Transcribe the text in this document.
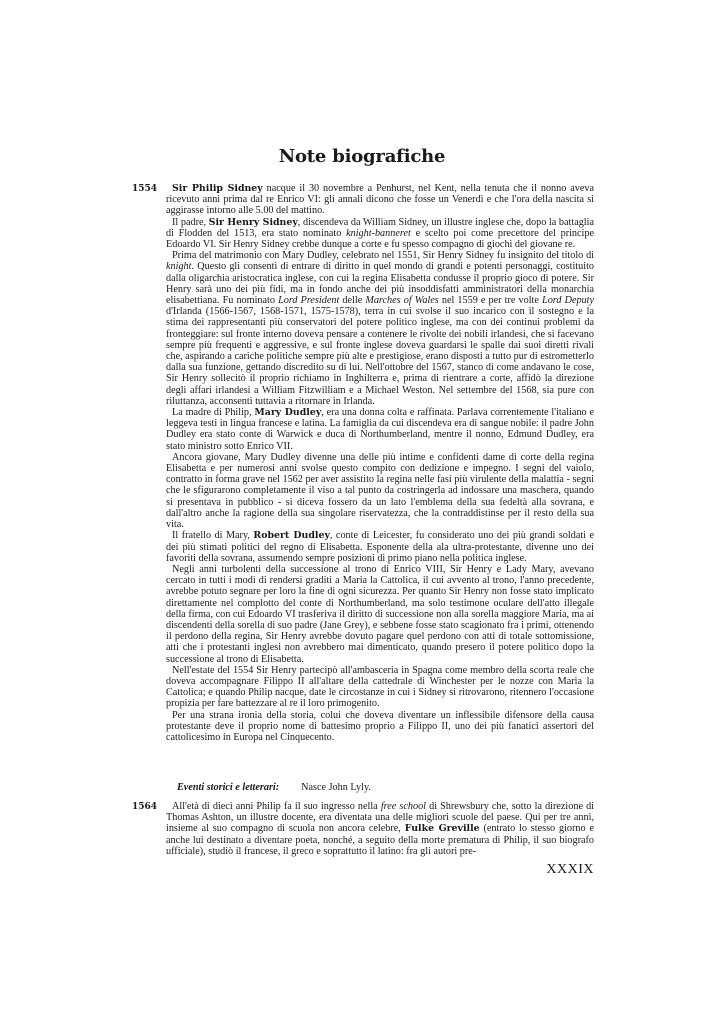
Note biografiche
1554	Sir Philip Sidney nacque il 30 novembre a Penhurst, nel Kent, nella tenuta che il nonno aveva ricevuto anni prima dal re Enrico VI: gli annali dicono che fosse un Venerdì e che l'ora della nascita si aggirasse intorno alle 5.00 del mattino.

Il padre, Sir Henry Sidney, discendeva da William Sidney, un illustre inglese che, dopo la battaglia di Flodden del 1513, era stato nominato knight-banneret e scelto poi come precettore del principe Edoardo VI. Sir Henry Sidney crebbe dunque a corte e fu spesso compagno di giochi del giovane re.

Prima del matrimonio con Mary Dudley, celebrato nel 1551, Sir Henry Sidney fu insignito del titolo di knight. Questo gli consentì di entrare di diritto in quel mondo di grandi e potenti personaggi, costituito dalla oligarchia aristocratica inglese, con cui la regina Elisabetta condusse il proprio gioco di potere. Sir Henry sarà uno dei più fidi, ma in fondo anche dei più insoddisfatti amministratori della monarchia elisabettiana. Fu nominato Lord President delle Marches of Wales nel 1559 e per tre volte Lord Deputy d'Irlanda (1566-1567, 1568-1571, 1575-1578), terra in cui svolse il suo incarico con il sostegno e la stima dei rappresentanti più conservatori del potere politico inglese, ma con dei continui problemi da fronteggiare: sul fronte interno doveva pensare a contenere le rivolte dei nobili irlandesi, che si facevano sempre più frequenti e aggressive, e sul fronte inglese doveva guardarsi le spalle dai suoi diretti rivali che, aspirando a cariche politiche sempre più alte e prestigiose, erano disposti a tutto pur di estrometterlo dalla sua funzione, gettando discredito su di lui. Nell'ottobre del 1567, stanco di come andavano le cose, Sir Henry sollecitò il proprio richiamo in Inghilterra e, prima di rientrare a corte, affidò la direzione degli affari irlandesi a William Fitzwilliam e a Michael Weston. Nel settembre del 1568, sia pure con riluttanza, acconsentì tuttavia a ritornare in Irlanda.

La madre di Philip, Mary Dudley, era una donna colta e raffinata. Parlava correntemente l'italiano e leggeva testi in lingua francese e latina. La famiglia da cui discendeva era di sangue nobile: il padre John Dudley era stato conte di Warwick e duca di Northumberland, mentre il nonno, Edmund Dudley, era stato ministro sotto Enrico VII.

Ancora giovane, Mary Dudley divenne una delle più intime e confidenti dame di corte della regina Elisabetta e per numerosi anni svolse questo compito con dedizione e impegno. I segni del vaiolo, contratto in forma grave nel 1562 per aver assistito la regina nelle fasi più virulente della malattia - segni che le sfigurarono completamente il viso a tal punto da costringerla ad indossare una maschera, quando si presentava in pubblico - si diceva fossero da un lato l'emblema della sua fedeltà alla sovrana, e dall'altro anche la ragione della sua singolare riservatezza, che la contraddistinse per il resto della sua vita.

Il fratello di Mary, Robert Dudley, conte di Leicester, fu considerato uno dei più grandi soldati e dei più stimati politici del regno di Elisabetta. Esponente della ala ultra-protestante, divenne uno dei favoriti della sovrana, assumendo sempre posizioni di primo piano nella politica inglese.

Negli anni turbolenti della successione al trono di Enrico VIII, Sir Henry e Lady Mary, avevano cercato in tutti i modi di rendersi graditi a Maria la Cattolica, il cui avvento al trono, l'anno precedente, avrebbe potuto segnare per loro la fine di ogni sicurezza. Per quanto Sir Henry non fosse stato implicato direttamente nel complotto del conte di Northumberland, ma solo testimone oculare dell'atto illegale della firma, con cui Edoardo VI trasferiva il diritto di successione non alla sorella maggiore Maria, ma ai discendenti della sorella di suo padre (Jane Grey), e sebbene fosse stato scagionato fra i primi, ottenendo il perdono della regina, Sir Henry avrebbe dovuto pagare quel perdono con atti di totale sottomissione, atti che i protestanti inglesi non avrebbero mai dimenticato, quando presero il potere politico dopo la successione al trono di Elisabetta.

Nell'estate del 1554 Sir Henry partecipò all'ambasceria in Spagna come membro della scorta reale che doveva accompagnare Filippo II all'altare della cattedrale di Winchester per le nozze con Maria la Cattolica; e quando Philip nacque, date le circostanze in cui i Sidney si ritrovarono, ritennero l'occasione propizia per fare battezzare al re il loro primogenito.

Per una strana ironia della storia, colui che doveva diventare un inflessibile difensore della causa protestante deve il proprio nome di battesimo proprio a Filippo II, uno dei più fanatici assertori del cattolicesimo in Europa nel Cinquecento.

Eventi storici e letterari: Nasce John Lyly.
1564	All'età di dieci anni Philip fa il suo ingresso nella free school di Shrewsbury che, sotto la direzione di Thomas Ashton, un illustre docente, era diventata una delle migliori scuole del paese. Qui per tre anni, insieme al suo compagno di scuola non ancora celebre, Fulke Greville (entrato lo stesso giorno e anche lui destinato a diventare poeta, nonché, a seguito della morte prematura di Philip, il suo biografo ufficiale), studiò il francese, il greco e soprattutto il latino: fra gli autori pre-

XXXIX
